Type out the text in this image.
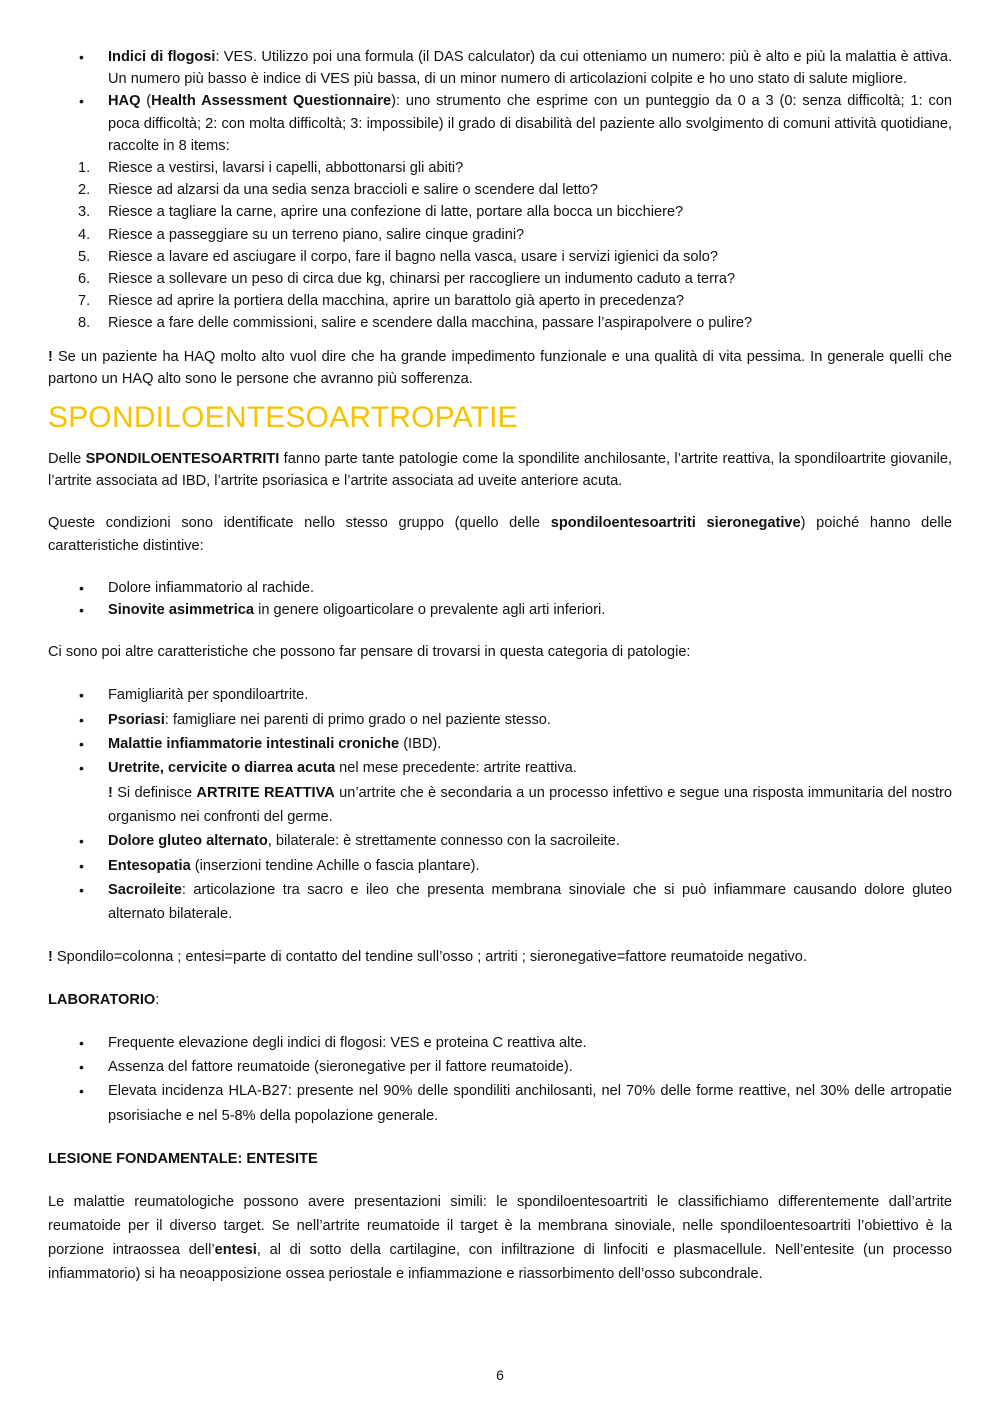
• Indici di flogosi: VES. Utilizzo poi una formula (il DAS calculator) da cui otteniamo un numero: più è alto e più la malattia è attiva. Un numero più basso è indice di VES più bassa, di un minor numero di articolazioni colpite e ho uno stato di salute migliore.
• HAQ (Health Assessment Questionnaire): uno strumento che esprime con un punteggio da 0 a 3 (0: senza difficoltà; 1: con poca difficoltà; 2: con molta difficoltà; 3: impossibile) il grado di disabilità del paziente allo svolgimento di comuni attività quotidiane, raccolte in 8 items:
1. Riesce a vestirsi, lavarsi i capelli, abbottonarsi gli abiti?
2. Riesce ad alzarsi da una sedia senza braccioli e salire o scendere dal letto?
3. Riesce a tagliare la carne, aprire una confezione di latte, portare alla bocca un bicchiere?
4. Riesce a passeggiare su un terreno piano, salire cinque gradini?
5. Riesce a lavare ed asciugare il corpo, fare il bagno nella vasca, usare i servizi igienici da solo?
6. Riesce a sollevare un peso di circa due kg, chinarsi per raccogliere un indumento caduto a terra?
7. Riesce ad aprire la portiera della macchina, aprire un barattolo già aperto in precedenza?
8. Riesce a fare delle commissioni, salire e scendere dalla macchina, passare l’aspirapolvere o pulire?

! Se un paziente ha HAQ molto alto vuol dire che ha grande impedimento funzionale e una qualità di vita pessima. In generale quelli che partono un HAQ alto sono le persone che avranno più sofferenza.

SPONDILOENTESOARTROPATIE

Delle SPONDILOENTESOARTRITI fanno parte tante patologie come la spondilite anchilosante, l’artrite reattiva, la spondiloartrite giovanile, l’artrite associata ad IBD, l’artrite psoriasica e l’artrite associata ad uveite anteriore acuta.

Queste condizioni sono identificate nello stesso gruppo (quello delle spondiloentesoartriti sieronegative) poiché hanno delle caratteristiche distintive:

• Dolore infiammatorio al rachide.
• Sinovite asimmetrica in genere oligoarticolare o prevalente agli arti inferiori.

Ci sono poi altre caratteristiche che possono far pensare di trovarsi in questa categoria di patologie:

• Famigliarità per spondiloartrite.
• Psoriasi: famigliare nei parenti di primo grado o nel paziente stesso.
• Malattie infiammatorie intestinali croniche (IBD).
• Uretrite, cervicite o diarrea acuta nel mese precedente: artrite reattiva.
! Si definisce ARTRITE REATTIVA un’artrite che è secondaria a un processo infettivo e segue una risposta immunitaria del nostro organismo nei confronti del germe.
• Dolore gluteo alternato, bilaterale: è strettamente connesso con la sacroileite.
• Entesopatia (inserzioni tendine Achille o fascia plantare).
• Sacroileite: articolazione tra sacro e ileo che presenta membrana sinoviale che si può infiammare causando dolore gluteo alternato bilaterale.

! Spondilo=colonna ; entesi=parte di contatto del tendine sull’osso ; artriti ; sieronegative=fattore reumatoide negativo.

LABORATORIO:

• Frequente elevazione degli indici di flogosi: VES e proteina C reattiva alte.
• Assenza del fattore reumatoide (sieronegative per il fattore reumatoide).
• Elevata incidenza HLA-B27: presente nel 90% delle spondiliti anchilosanti, nel 70% delle forme reattive, nel 30% delle artropatie psorisiache e nel 5-8% della popolazione generale.

LESIONE FONDAMENTALE: ENTESITE

Le malattie reumatologiche possono avere presentazioni simili: le spondiloentesoartriti le classifichiamo differentemente dall’artrite reumatoide per il diverso target. Se nell’artrite reumatoide il target è la membrana sinoviale, nelle spondiloentesoartriti l’obiettivo è la porzione intraossea dell’entesi, al di sotto della cartilagine, con infiltrazione di linfociti e plasmacellule. Nell’entesite (un processo infiammatorio) si ha neoapposizione ossea periostale e infiammazione e riassorbimento dell’osso subcondrale.

6
